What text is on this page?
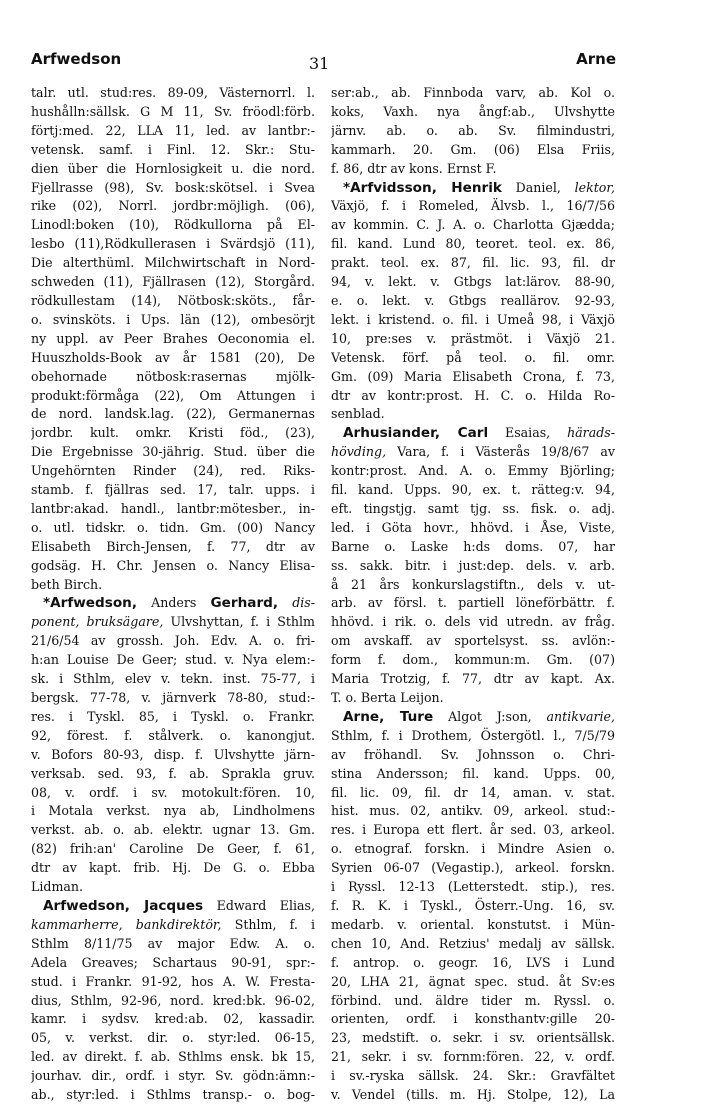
Arfwedson	31	Arne
talr. utl. stud:res. 89-09, Västernorrl. l.
hushålln:sällsk. G M 11, Sv. fröodl:förb.
förtj:med. 22, LLA 11, led. av lantbr:-
vetensk. samf. i Finl. 12. Skr.: Stu-
dien über die Hornlosigkeit u. die nord.
Fjellrasse (98), Sv. bosk:skötsel. i Svea
rike (02), Norrl. jordbr:möjligh. (06),
Linodl:boken (10), Rödkullorna på El-
lesbo (11),Rödkullerasen i Svärdsjö (11),
Die alterthüml. Milchwirtschaft in Nord-
schweden (11), Fjällrasen (12), Storgård.
rödkullestam (14), Nötbosk:sköts., får-
o. svinsköts. i Ups. län (12), ombesörjt
ny uppl. av Peer Brahes Oeconomia el.
Huuszholds-Book av år 1581 (20), De
obehornade nötbosk:rasernas mjölk-
produkt:förmåga (22), Om Attungen i
de nord. landsk.lag. (22), Germanernas
jordbr. kult. omkr. Kristi föd., (23),
Die Ergebnisse 30-jährig. Stud. über die
Ungehörnten Rinder (24), red. Riks-
stamb. f. fjällras sed. 17, talr. upps. i
lantbr:akad. handl., lantbr:mötesber., in-
o. utl. tidskr. o. tidn. Gm. (00) Nancy
Elisabeth Birch-Jensen, f. 77, dtr av
godsäg. H. Chr. Jensen o. Nancy Elisa-
beth Birch.
*Arfwedson, Anders Gerhard, dis-
ponent, bruksägare, Ulvshyttan, f. i Sthlm
21/6/54 av grossh. Joh. Edv. A. o. fri-
h:an Louise De Geer; stud. v. Nya elem:-
sk. i Sthlm, elev v. tekn. inst. 75-77, i
bergsk. 77-78, v. järnverk 78-80, stud:-
res. i Tyskl. 85, i Tyskl. o. Frankr.
92, förest. f. stålverk. o. kanongjut.
v. Bofors 80-93, disp. f. Ulvshytte järn-
verksab. sed. 93, f. ab. Sprakla gruv.
08, v. ordf. i sv. motokult:fören. 10,
i Motala verkst. nya ab, Lindholmens
verkst. ab. o. ab. elektr. ugnar 13. Gm.
(82) frih:an' Caroline De Geer, f. 61,
dtr av kapt. frib. Hj. De G. o. Ebba
Lidman.
Arfwedson, Jacques Edward Elias,
kammarherre, bankdirektör, Sthlm, f. i
Sthlm 8/11/75 av major Edw. A. o.
Adela Greaves; Schartaus 90-91, spr:-
stud. i Frankr. 91-92, hos A. W. Fresta-
dius, Sthlm, 92-96, nord. kred:bk. 96-02,
kamr. i sydsv. kred:ab. 02, kassadir.
05, v. verkst. dir. o. styr:led. 06-15,
led. av direkt. f. ab. Sthlms ensk. bk 15,
jourhav. dir., ordf. i styr. Sv. gödn:ämn:-
ab., styr:led. i Sthlms transp.- o. bog-
ser:ab., ab. Finnboda varv, ab. Kol o.
koks, Vaxh. nya ångf:ab., Ulvshytte
järnv. ab. o. ab. Sv. filmindustri,
kammarh. 20. Gm. (06) Elsa Friis,
f. 86, dtr av kons. Ernst F.
*Arfvidsson, Henrik Daniel, lektor,
Växjö, f. i Romeled, Älvsb. l., 16/7/56
av kommin. C. J. A. o. Charlotta Gjædda;
fil. kand. Lund 80, teoret. teol. ex. 86,
prakt. teol. ex. 87, fil. lic. 93, fil. dr
94, v. lekt. v. Gtbgs lat:lärov. 88-90,
e. o. lekt. v. Gtbgs reallärov. 92-93,
lekt. i kristend. o. fil. i Umeå 98, i Växjö
10, pre:ses v. prästmöt. i Växjö 21.
Vetensk. förf. på teol. o. fil. omr.
Gm. (09) Maria Elisabeth Crona, f. 73,
dtr av kontr:prost. H. C. o. Hilda Ro-
senblad.
Arhusiander, Carl Esaias, härads-
hövding, Vara, f. i Västerås 19/8/67 av
kontr:prost. And. A. o. Emmy Björling;
fil. kand. Upps. 90, ex. t. rätteg:v. 94,
eft. tingstjg. samt tjg. ss. fisk. o. adj.
led. i Göta hovr., hhövd. i Åse, Viste,
Barne o. Laske h:ds doms. 07, har
ss. sakk. bitr. i just:dep. dels. v. arb.
å 21 års konkurslagstiftn., dels v. ut-
arb. av försl. t. partiell löneförbättr. f.
hhövd. i rik. o. dels vid utredn. av fråg.
om avskaff. av sportelsyst. ss. avlön:-
form f. dom., kommun:m. Gm. (07)
Maria Trotzig, f. 77, dtr av kapt. Ax.
T. o. Berta Leijon.
Arne, Ture Algot J:son, antikvarie,
Sthlm, f. i Drothem, Östergötl. l., 7/5/79
av fröhandl. Sv. Johnsson o. Chri-
stina Andersson; fil. kand. Upps. 00,
fil. lic. 09, fil. dr 14, aman. v. stat.
hist. mus. 02, antikv. 09, arkeol. stud:-
res. i Europa ett flert. år sed. 03, arkeol.
o. etnograf. forskn. i Mindre Asien o.
Syrien 06-07 (Vegastip.), arkeol. forskn.
i Ryssl. 12-13 (Letterstedt. stip.), res.
f. R. K. i Tyskl., Österr.-Ung. 16, sv.
medarb. v. oriental. konstutst. i Mün-
chen 10, And. Retzius' medalj av sällsk.
f. antrop. o. geogr. 16, LVS i Lund
20, LHA 21, ägnat spec. stud. åt Sv:es
förbind. und. äldre tider m. Ryssl. o.
orienten, ordf. i konsthantv:gille 20-
23, medstift. o. sekr. i sv. orientsällsk.
21, sekr. i sv. fornm:fören. 22, v. ordf.
i sv.-ryska sällsk. 24. Skr.: Gravfältet
v. Vendel (tills. m. Hj. Stolpe, 12), La
